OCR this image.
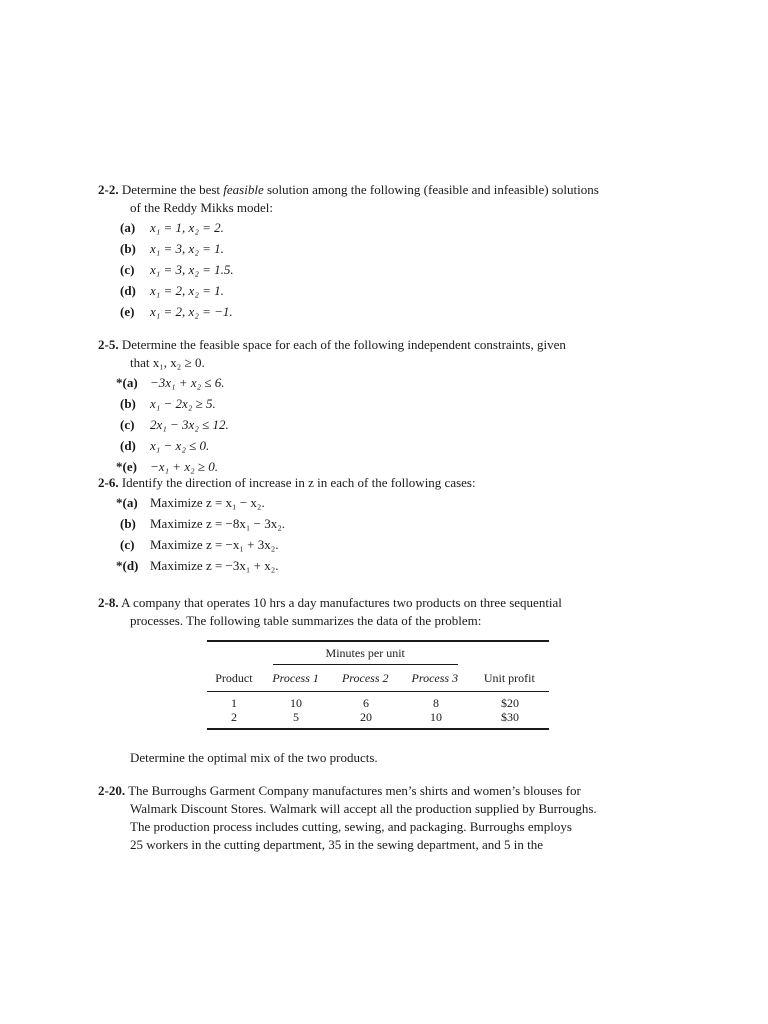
2-2. Determine the best feasible solution among the following (feasible and infeasible) solutions

of the Reddy Mikks model:

(a) x₁ = 1, x₂ = 2.
(b) x₁ = 3, x₂ = 1.
(c) x₁ = 3, x₂ = 1.5.
(d) x₁ = 2, x₂ = 1.
(e) x₁ = 2, x₂ = −1.

2-5. Determine the feasible space for each of the following independent constraints, given

that x₁, x₂ ≥ 0.

*(a) −3x₁ + x₂ ≤ 6.
(b) x₁ − 2x₂ ≥ 5.
(c) 2x₁ − 3x₂ ≤ 12.
(d) x₁ − x₂ ≤ 0.
*(e) −x₁ + x₂ ≥ 0.

2-6. Identify the direction of increase in z in each of the following cases:

*(a) Maximize z = x₁ − x₂.
(b) Maximize z = −8x₁ − 3x₂.
(c) Maximize z = −x₁ + 3x₂.
*(d) Maximize z = −3x₁ + x₂.

2-8. A company that operates 10 hrs a day manufactures two products on three sequential

processes. The following table summarizes the data of the problem:

	Minutes per unit			

Product	Process 1	Process 2	Process 3	Unit profit
1	10	6	8	$20
2	5	20	10	$30
Determine the optimal mix of the two products.

2-20. The Burroughs Garment Company manufactures men’s shirts and women’s blouses for

Walmark Discount Stores. Walmark will accept all the production supplied by Burroughs.

The production process includes cutting, sewing, and packaging. Burroughs employs

25 workers in the cutting department, 35 in the sewing department, and 5 in the
